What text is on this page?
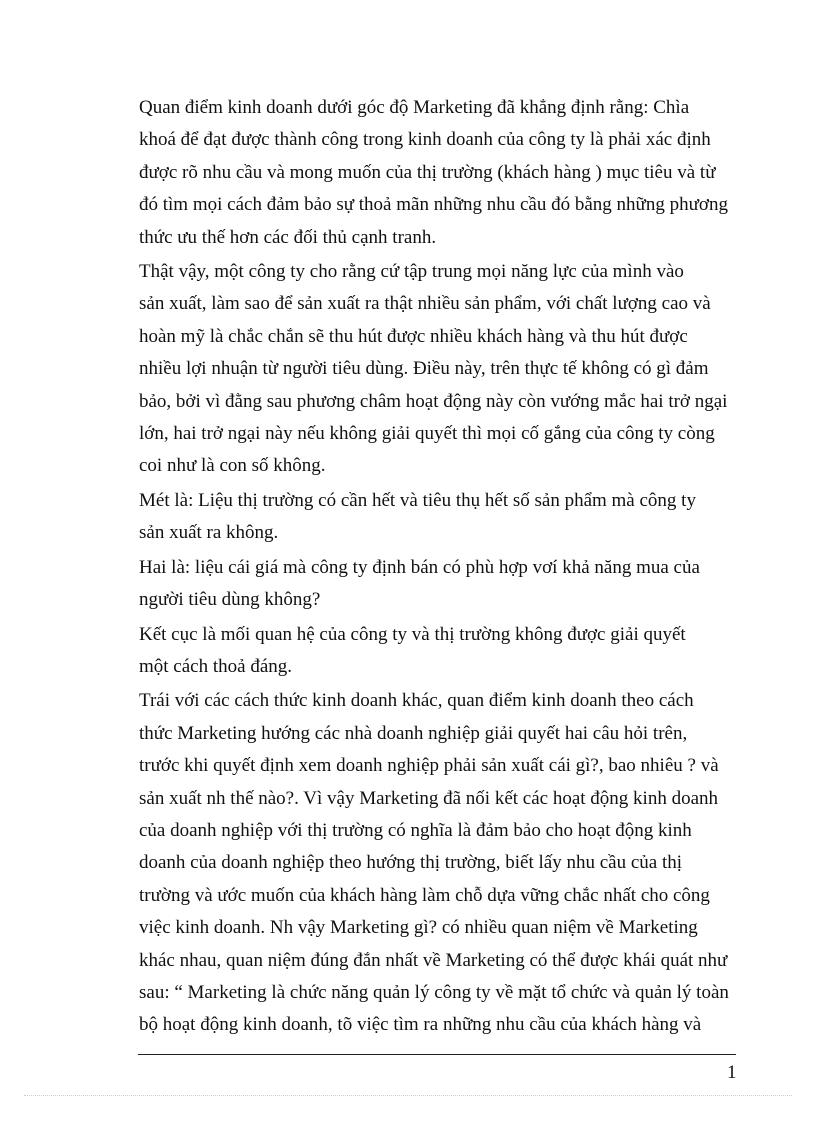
Quan điểm kinh doanh dưới góc độ Marketing đã khẳng định rằng: Chìa
khoá để đạt được thành công trong kinh doanh của công ty là phải xác định
được rõ nhu cầu và mong muốn của thị trường (khách hàng ) mục tiêu và từ
đó tìm mọi cách đảm bảo sự thoả mãn những nhu cầu đó bằng những phương
thức ưu thế hơn các đối thủ cạnh tranh.

Thật vậy, một công ty cho rằng cứ tập trung mọi năng lực của mình vào
sản xuất, làm sao để sản xuất ra thật nhiều sản phẩm, với chất lượng cao và
hoàn mỹ là chắc chắn sẽ thu hút được nhiều khách hàng và thu hút được
nhiều lợi nhuận từ người tiêu dùng. Điều này, trên thực tế không có gì đảm
bảo, bởi vì đằng sau phương châm hoạt động này còn vướng mắc hai trở ngại
lớn, hai trở ngại này nếu không giải quyết thì mọi cố gắng của công ty còng
coi như là con số không.

Mét là: Liệu thị trường có cần hết và tiêu thụ hết số sản phẩm mà công ty
sản xuất ra không.

Hai là: liệu cái giá mà công ty định bán có phù hợp vơí khả năng mua của
người tiêu dùng không?

Kết cục là mối quan hệ của công ty và thị trường không được giải quyết
một cách thoả đáng.

Trái với các cách thức kinh doanh khác, quan điểm kinh doanh theo cách
thức Marketing hướng các nhà doanh nghiệp giải quyết hai câu hỏi trên,
trước khi quyết định xem doanh nghiệp phải sản xuất cái gì?, bao nhiêu ? và
sản xuất nh thế nào?. Vì vậy Marketing đã nối kết các hoạt động kinh doanh
của doanh nghiệp với thị trường có nghĩa là đảm bảo cho hoạt động kinh
doanh của doanh nghiệp theo hướng thị trường, biết lấy nhu cầu của thị
trường và ước muốn của khách hàng làm chỗ dựa vững chắc nhất cho công
việc kinh doanh. Nh vậy Marketing gì? có nhiều quan niệm về Marketing
khác nhau, quan niệm đúng đắn nhất về Marketing có thể được khái quát như
sau: “ Marketing là chức năng quản lý công ty về mặt tổ chức và quản lý toàn
bộ hoạt động kinh doanh, tõ việc tìm ra những nhu cầu của khách hàng và

1
